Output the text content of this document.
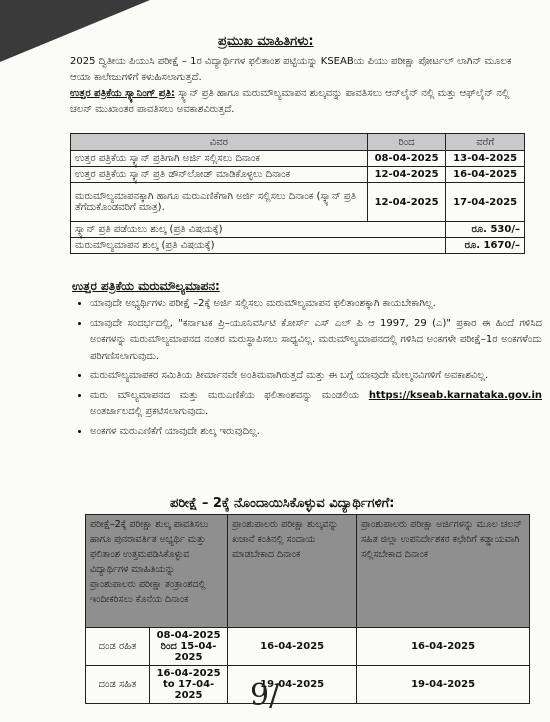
ಪ್ರಮುಖ ಮಾಹಿತಿಗಳು:
2025 ದ್ವಿತೀಯ ಪಿಯುಸಿ ಪರೀಕ್ಷೆ – 1ರ ವಿದ್ಯಾರ್ಥಿಗಳ ಫಲಿತಾಂಶ ಪಟ್ಟಿಯನ್ನು KSEABಯ ಪಿಯು ಪರೀಕ್ಷಾ ಪೋರ್ಟಲ್ ಲಾಗಿನ್ ಮೂಲಕ ಆಯಾ ಕಾಲೇಜುಗಳಿಗೆ ಕಳುಹಿಸಲಾಗುತ್ತದೆ.
ಉತ್ತರ ಪತ್ರಿಕೆಯ ಸ್ಕ್ಯಾನಿಂಗ್ ಪ್ರತಿ: ಸ್ಕ್ಯಾನ್ ಪ್ರತಿ ಹಾಗೂ ಮರುಮೌಲ್ಯಮಾಪನ ಶುಲ್ಕವನ್ನು ಪಾವತಿಸಲು ಆನ್‌ಲೈನ್ ನಲ್ಲಿ ಮತ್ತು ಆಫ್‌ಲೈನ್ ನಲ್ಲಿ ಚಲನ್ ಮುಖಾಂತರ ಪಾವತಿಸಲು ಅವಕಾಶವಿರುತ್ತದೆ.
ವಿವರ	ರಿಂದ	ವರೆಗೆ
ಉತ್ತರ ಪತ್ರಿಕೆಯ ಸ್ಕ್ಯಾನ್ ಪ್ರತಿಗಾಗಿ ಅರ್ಜಿ ಸಲ್ಲಿಸಲು ದಿನಾಂಕ	08-04-2025	13-04-2025
ಉತ್ತರ ಪತ್ರಿಕೆಯ ಸ್ಕ್ಯಾನ್ ಪ್ರತಿ ಡೌನ್‌ಲೋಡ್ ಮಾಡಿಕೊಳ್ಳಲು ದಿನಾಂಕ	12-04-2025	16-04-2025
ಮರುಮೌಲ್ಯಮಾಪನಕ್ಕಾಗಿ ಹಾಗೂ ಮರುಎಣಿಕೆಗಾಗಿ ಅರ್ಜಿ ಸಲ್ಲಿಸಲು ದಿನಾಂಕ (ಸ್ಕ್ಯಾನ್ ಪ್ರತಿ ತೆಗೆದುಕೊಂಡವರಿಗೆ ಮಾತ್ರ).	12-04-2025	17-04-2025
ಸ್ಕ್ಯಾನ್ ಪ್ರತಿ ಪಡೆಯಲು ಶುಲ್ಕ (ಪ್ರತಿ ವಿಷಯಕ್ಕೆ)		ರೂ. 530/–
ಮರುಮೌಲ್ಯಮಾಪನ ಶುಲ್ಕ (ಪ್ರತಿ ವಿಷಯಕ್ಕೆ)		ರೂ. 1670/–
ಉತ್ತರ ಪತ್ರಿಕೆಯ ಮರುಮೌಲ್ಯಮಾಪನ:
• ಯಾವುದೇ ಅಭ್ಯರ್ಥಿಗಳು ಪರೀಕ್ಷೆ –2ಕ್ಕೆ ಅರ್ಜಿ ಸಲ್ಲಿಸಲು ಮರುಮೌಲ್ಯಮಾಪನ ಫಲಿತಾಂಶಕ್ಕಾಗಿ ಕಾಯಬೇಕಾಗಿಲ್ಲ.
• ಯಾವುದೇ ಸಂದರ್ಭದಲ್ಲಿ, "ಕರ್ನಾಟಕ ಪ್ರಿ–ಯೂನಿವರ್ಸಿಟಿ ಕೋರ್ಸ್ ಎಸ್ ಎಲ್ ಪಿ ಆ 1997, 29 (ಎ)" ಪ್ರಕಾರ ಈ ಹಿಂದೆ ಗಳಿಸಿದ ಅಂಕಗಳನ್ನು ಮರುಮೌಲ್ಯಮಾಪನದ ನಂತರ ಮರುಸ್ಥಾಪಿಸಲು ಸಾಧ್ಯವಿಲ್ಲ. ಮರುಮೌಲ್ಯಮಾಪನದಲ್ಲಿ ಗಳಿಸಿದ ಅಂಕಗಳೇ ಪರೀಕ್ಷೆ–1ರ ಅಂಕಗಳೆಂದು ಪರಿಗಣಿಸಲಾಗುವುದು.
• ಮರುಮೌಲ್ಯಮಾಪಕರ ಸಮಿತಿಯ ತೀರ್ಮಾನವೇ ಅಂತಿಮವಾಗಿರುತ್ತದೆ ಮತ್ತು ಈ ಬಗ್ಗೆ ಯಾವುದೇ ಮೇಲ್ಮನವಿಗಳಿಗೆ ಅವಕಾಶವಿಲ್ಲ.
• ಮರು ಮೌಲ್ಯಮಾಪನದ ಮತ್ತು ಮರುಎಣಿಕೆಯ ಫಲಿತಾಂಶವನ್ನು ಮಂಡಲಿಯ https://kseab.karnataka.gov.in ಅಂತರ್ಜಾಲದಲ್ಲಿ ಪ್ರಕಟಿಸಲಾಗುವುದು.
• ಅಂಕಗಳ ಮರುಎಣಿಕೆಗೆ ಯಾವುದೇ ಶುಲ್ಕ ಇರುವುದಿಲ್ಲ.
ಪರೀಕ್ಷೆ – 2ಕ್ಕೆ ನೊಂದಾಯಿಸಿಕೊಳ್ಳುವ ವಿದ್ಯಾರ್ಥಿಗಳಿಗೆ:
ಪರೀಕ್ಷೆ–2ಕ್ಕೆ ಪರೀಕ್ಷಾ ಶುಲ್ಕ ಪಾವತಿಸಲು ಹಾಗೂ ಪುನರಾವರ್ತಿತ ಅಭ್ಯರ್ಥಿ ಮತ್ತು ಫಲಿತಾಂಶ ಉತ್ತಮಪಡಿಸಿಕೊಳ್ಳುವ ವಿದ್ಯಾರ್ಥಿಗಳ ಮಾಹಿತಿಯನ್ನು ಪ್ರಾಂಶುಪಾಲರು ಪರೀಕ್ಷಾ ತಂತ್ರಾಂಶದಲ್ಲಿ ಇಂದೀಕರಿಸಲು ಕೊನೆಯ ದಿನಾಂಕ		ಪ್ರಾಂಶುಪಾಲರು ಪರೀಕ್ಷಾ ಶುಲ್ಕವನ್ನು ಖಜಾನೆ ಕಂತಿನಲ್ಲಿ ಸಂದಾಯ ಮಾಡಬೇಕಾದ ದಿನಾಂಕ	ಪ್ರಾಂಶುಪಾಲರು ಪರೀಕ್ಷಾ ಅರ್ಜಿಗಳನ್ನು ಮೂಲ ಚಲನ್ ಸಹಿತ ಜಿಲ್ಲಾ ಉಪನಿರ್ದೇಶಕರ ಕಛೇರಿಗೆ ಕಡ್ಡಾಯವಾಗಿ ಸಲ್ಲಿಸಬೇಕಾದ ದಿನಾಂಕ
ದಂಡ ರಹಿತ	08-04-2025 ರಿಂದ 15-04-2025	16-04-2025	16-04-2025
ದಂಡ ಸಹಿತ	16-04-2025 to 17-04-2025	19-04-2025	19-04-2025
9/
